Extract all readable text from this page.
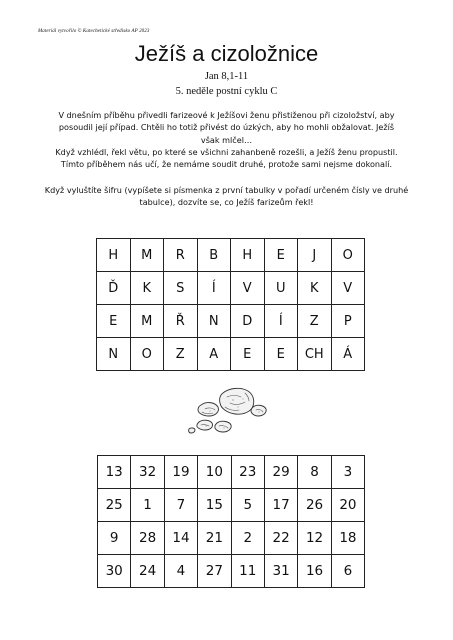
Materiál vytvořilo © Katechetické středisko AP 2023
Ježíš a cizoložnice
Jan 8,1-11
5. neděle postní cyklu C

V dnešním příběhu přivedli farizeové k Ježíšovi ženu přistiženou při cizoložství, aby
posoudil její případ. Chtěli ho totiž přivést do úzkých, aby ho mohli obžalovat. Ježíš
však mlčel…
Když vzhlédl, řekl větu, po které se všichni zahanbeně rozešli, a Ježíš ženu propustil.
Tímto příběhem nás učí, že nemáme soudit druhé, protože sami nejsme dokonalí.

Když vyluštíte šifru (vypíšete si písmenka z první tabulky v pořadí určeném čísly ve druhé
tabulce), dozvíte se, co Ježíš farizeům řekl!

H	M	R	B	H	E	J	O
Ď	K	S	Í	V	U	K	V
E	M	Ř	N	D	Í	Z	P
N	O	Z	A	E	E	CH	Á
13	32	19	10	23	29	8	3
25	1	7	15	5	17	26	20
9	28	14	21	2	22	12	18
30	24	4	27	11	31	16	6
